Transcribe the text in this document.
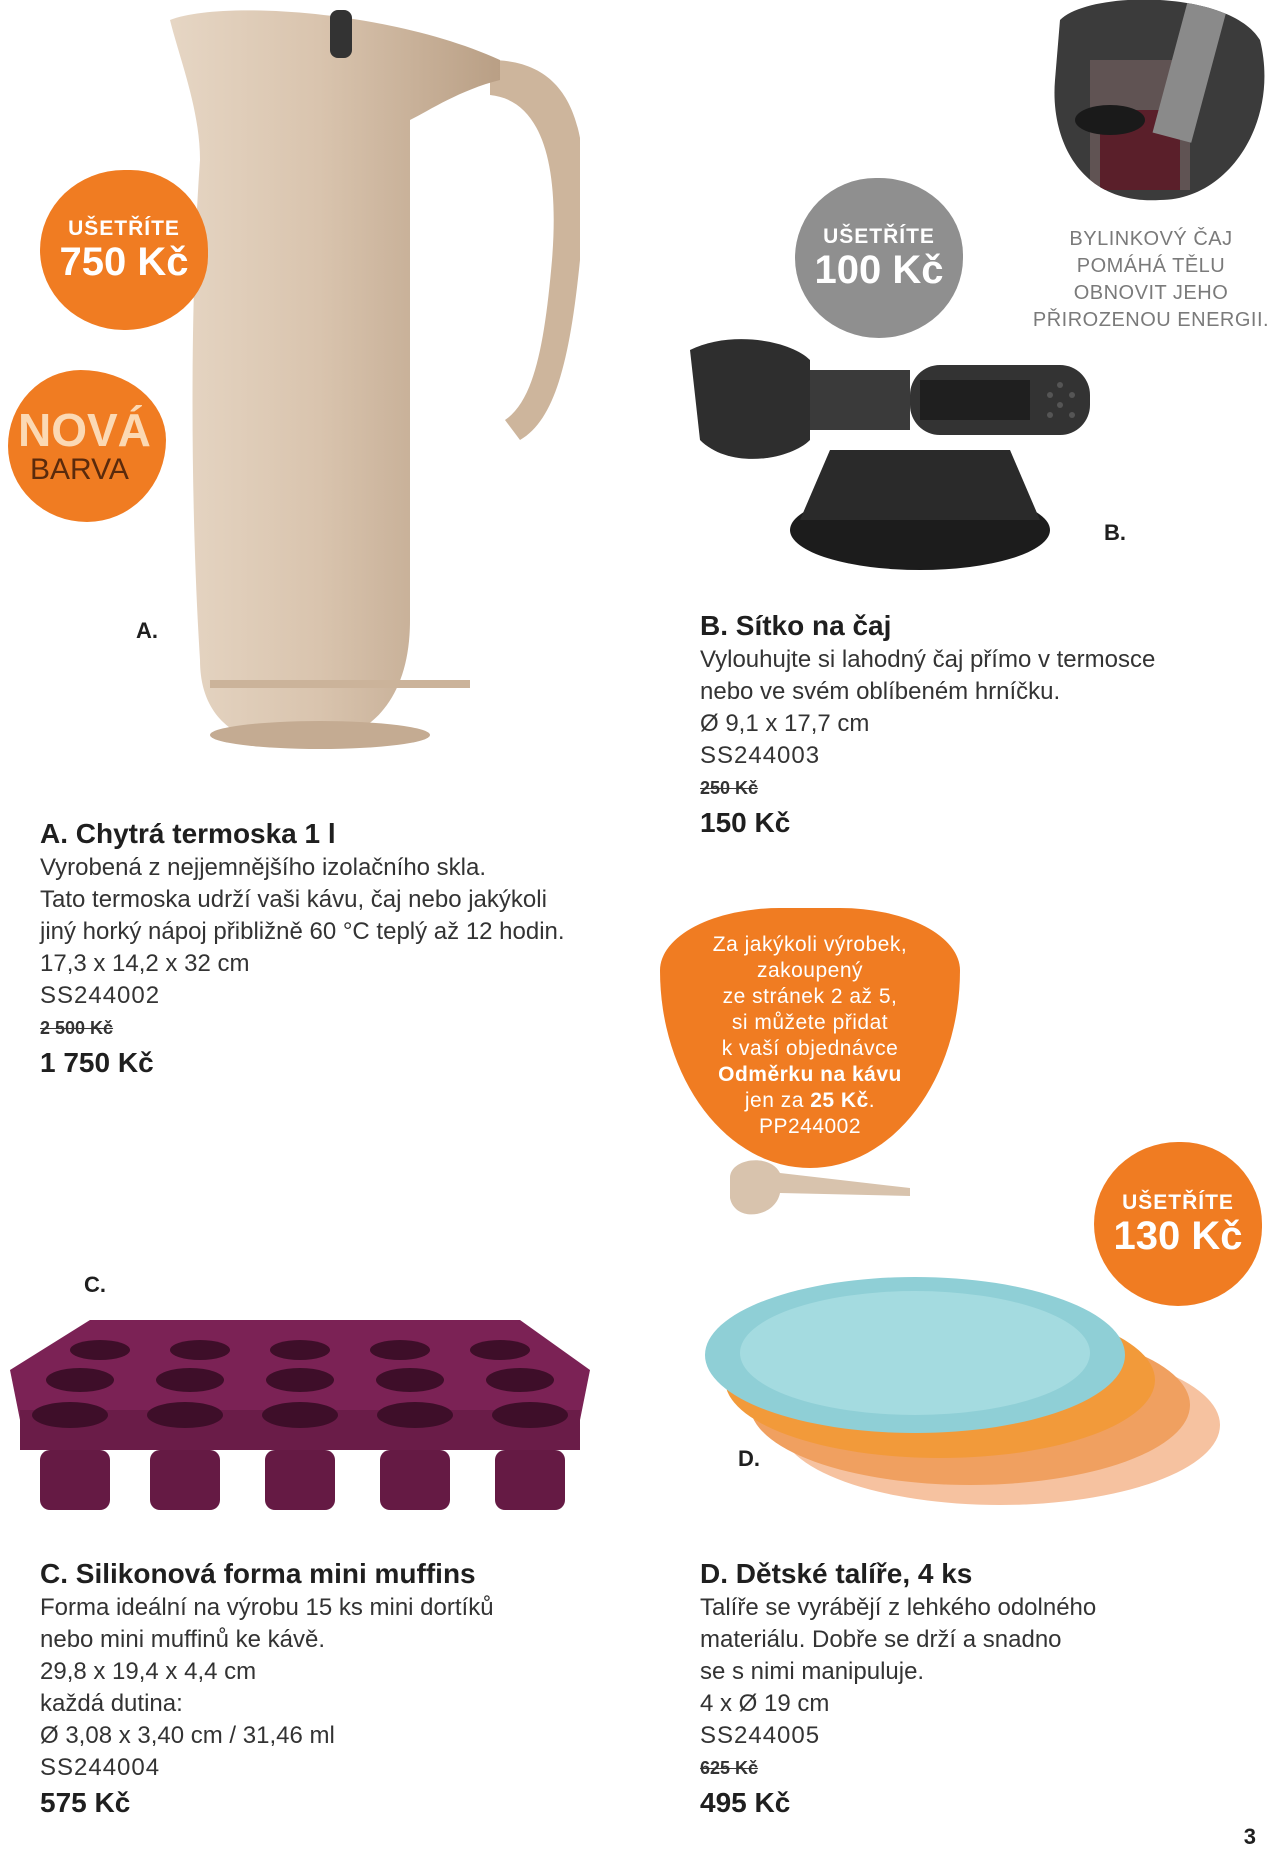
UŠETŘÍTE
750 Kč
NOVÁ
BARVA
UŠETŘÍTE
100 Kč
UŠETŘÍTE
130 Kč
BYLINKOVÝ ČAJ
POMÁHÁ TĚLU
OBNOVIT JEHO
PŘIROZENOU ENERGII.
A.
B.
C.
D.
A. Chytrá termoska 1 l
Vyrobená z nejjemnějšího izolačního skla.
Tato termoska udrží vaši kávu, čaj nebo jakýkoli
jiný horký nápoj přibližně 60 °C teplý až 12 hodin.
17,3 x 14,2 x 32 cm
SS244002
2 500 Kč
1 750 Kč
B. Sítko na čaj
Vylouhujte si lahodný čaj přímo v termosce
nebo ve svém oblíbeném hrníčku.
Ø 9,1 x 17,7 cm
SS244003
250 Kč
150 Kč
Za jakýkoli výrobek,
zakoupený
ze stránek 2 až 5,
si můžete přidat
k vaší objednávce
Odměrku na kávu
jen za 25 Kč.
PP244002
C. Silikonová forma mini muffins
Forma ideální na výrobu 15 ks mini dortíků
nebo mini muffinů ke kávě.
29,8 x 19,4 x 4,4 cm
každá dutina:
Ø 3,08 x 3,40 cm / 31,46 ml
SS244004
575 Kč
D. Dětské talíře, 4 ks
Talíře se vyrábějí z lehkého odolného
materiálu. Dobře se drží a snadno
se s nimi manipuluje.
4 x Ø 19 cm
SS244005
625 Kč
495 Kč
3
